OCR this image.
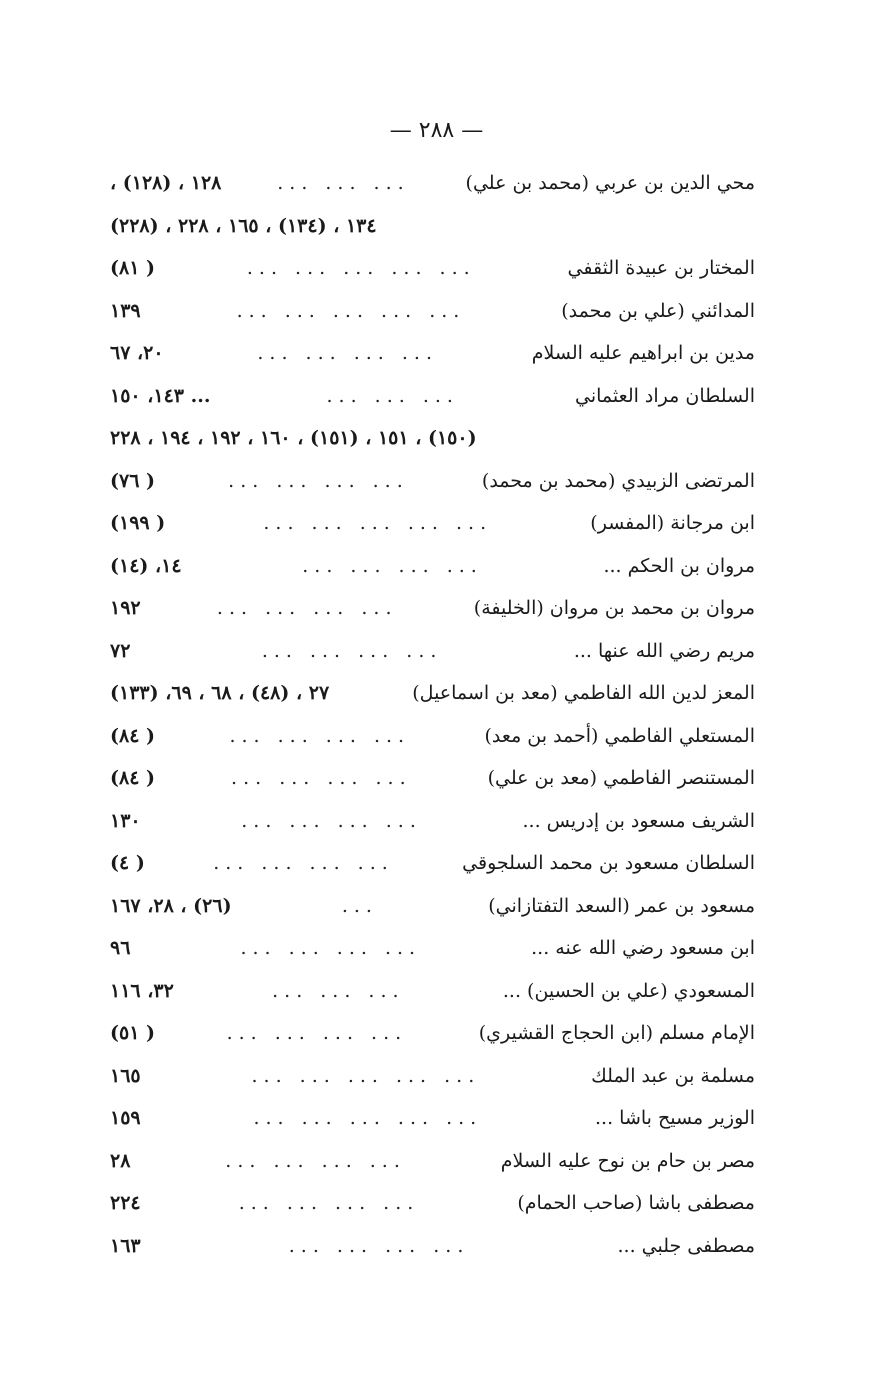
— ٢٨٨ —
محي الدين بن عربي (محمد بن علي)
... ... ...
١٢٨ ، (١٢٨) ،
١٣٤ ، (١٣٤) ، ١٦٥ ، ٢٢٨ ، (٢٢٨)
المختار بن عبيدة الثقفي
... ... ... ... ...
( ٨١)
المدائني (علي بن محمد)
... ... ... ... ...
١٣٩
مدين بن ابراهيم عليه السلام
... ... ... ...
٢٠، ٦٧
السلطان مراد العثماني
... ... ...
... ١٤٣، ١٥٠
(١٥٠) ، ١٥١ ، (١٥١) ، ١٦٠ ، ١٩٢ ، ١٩٤ ، ٢٢٨
المرتضى الزبيدي (محمد بن محمد)
... ... ... ...
( ٧٦)
ابن مرجانة (المفسر)
... ... ... ... ...
( ١٩٩)
مروان بن الحكم ...
... ... ... ...
١٤، (١٤)
مروان بن محمد بن مروان (الخليفة)
... ... ... ...
١٩٢
مريم رضي الله عنها ...
... ... ... ...
٧٢
المعز لدين الله الفاطمي (معد بن اسماعيل)
٢٧ ، (٤٨) ، ٦٨ ، ٦٩، (١٣٣)
المستعلي الفاطمي (أحمد بن معد)
... ... ... ...
( ٨٤)
المستنصر الفاطمي (معد بن علي)
... ... ... ...
( ٨٤)
الشريف مسعود بن إدريس ...
... ... ... ...
١٣٠
السلطان مسعود بن محمد السلجوقي
... ... ... ...
( ٤)
مسعود بن عمر (السعد التفتازاني)
...
(٢٦) ، ٢٨، ١٦٧
ابن مسعود رضي الله عنه ...
... ... ... ...
٩٦
المسعودي (علي بن الحسين) ...
... ... ...
٣٢، ١١٦
الإمام مسلم (ابن الحجاج القشيري)
... ... ... ...
( ٥١)
مسلمة بن عبد الملك
... ... ... ... ...
١٦٥
الوزير مسيح باشا ...
... ... ... ... ...
١٥٩
مصر بن حام بن نوح عليه السلام
... ... ... ...
٢٨
مصطفى باشا (صاحب الحمام)
... ... ... ...
٢٢٤
مصطفى جلبي ...
... ... ... ...
١٦٣
